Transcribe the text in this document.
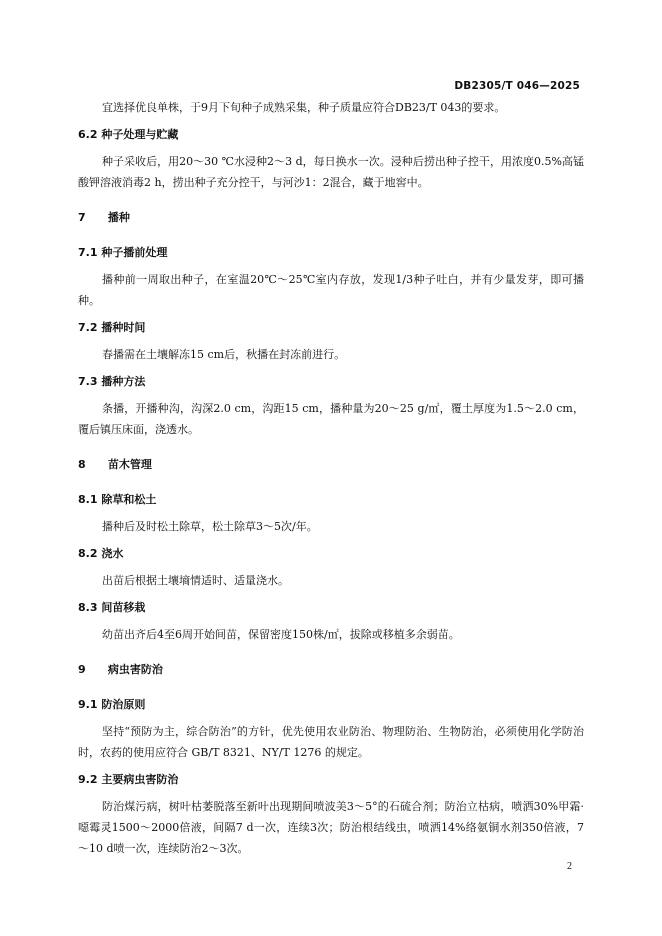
DB2305/T 046—2025

宜选择优良单株，于9月下旬种子成熟采集，种子质量应符合DB23/T 043的要求。

6.2 种子处理与贮藏

种子采收后，用20～30 ℃水浸种2～3 d，每日换水一次。浸种后捞出种子控干，用浓度0.5%高锰酸钾溶液消毒2 h，捞出种子充分控干，与河沙1：2混合，藏于地窖中。

7 播种
7.1 种子播前处理

播种前一周取出种子，在室温20℃～25℃室内存放，发现1/3种子吐白，并有少量发芽，即可播种。

7.2 播种时间

春播需在土壤解冻15 cm后，秋播在封冻前进行。

7.3 播种方法

条播，开播种沟，沟深2.0 cm，沟距15 cm，播种量为20～25 g/㎡，覆土厚度为1.5～2.0 cm，覆后镇压床面，浇透水。

8 苗木管理
8.1 除草和松土

播种后及时松土除草，松土除草3～5次/年。

8.2 浇水

出苗后根据土壤墒情适时、适量浇水。

8.3 间苗移栽

幼苗出齐后4至6周开始间苗，保留密度150株/㎡，拔除或移植多余弱苗。

9 病虫害防治
9.1 防治原则

坚持“预防为主，综合防治”的方针，优先使用农业防治、物理防治、生物防治，必须使用化学防治时，农药的使用应符合 GB/T 8321、NY/T 1276 的规定。

9.2 主要病虫害防治

防治煤污病，树叶枯萎脱落至新叶出现期间喷波美3～5°的石硫合剂；防治立枯病，喷洒30%甲霜·噁霉灵1500～2000倍液，间隔7 d一次，连续3次；防治根结线虫，喷洒14%络氨铜水剂350倍液，7～10 d喷一次，连续防治2～3次。

2
